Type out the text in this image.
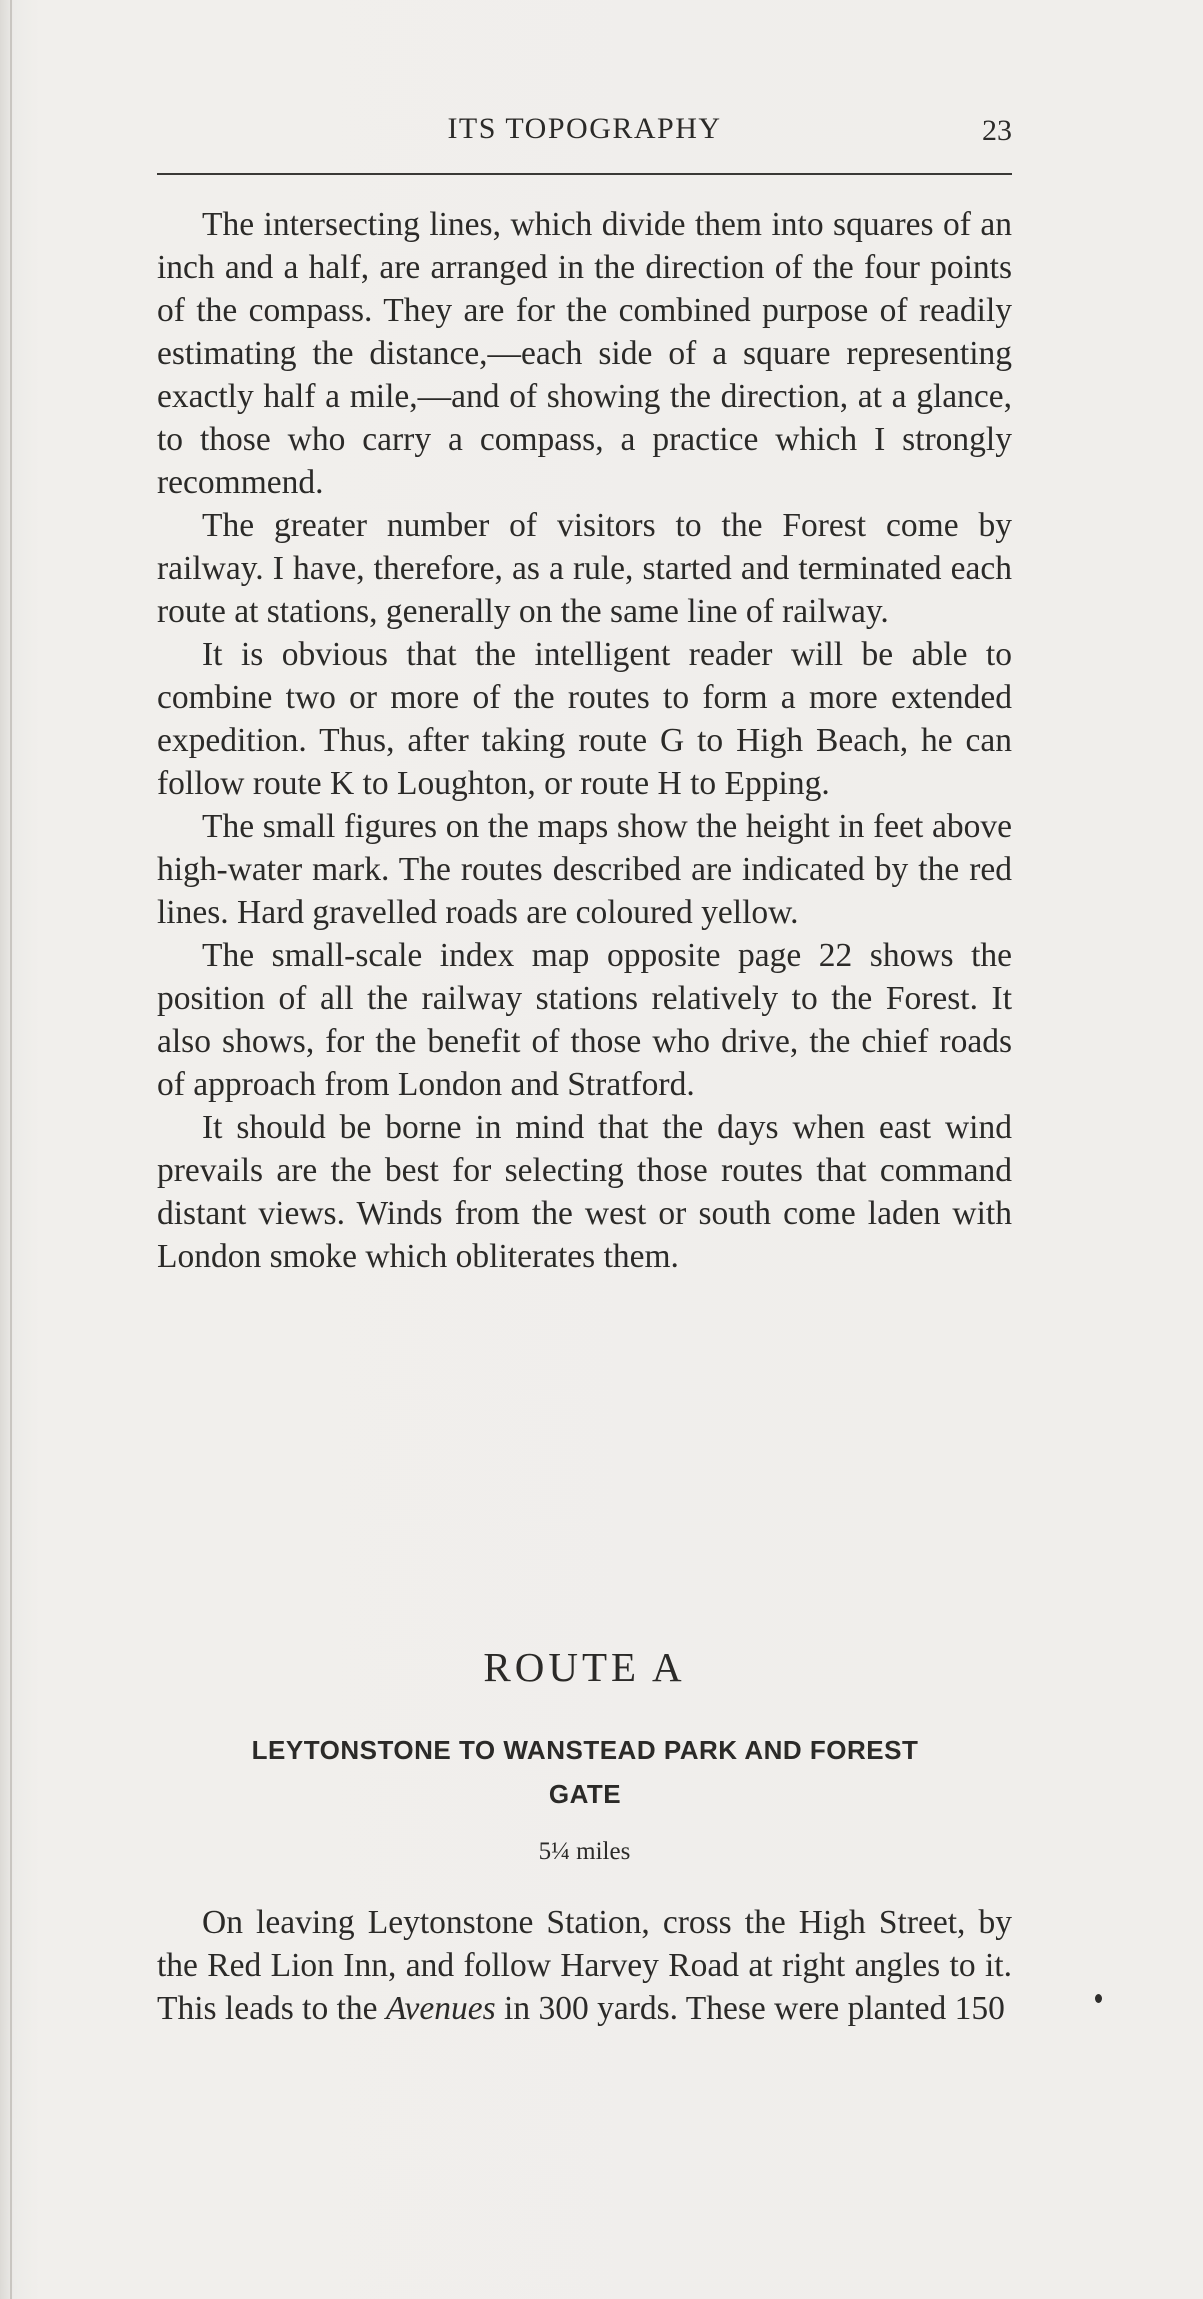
ITS TOPOGRAPHY	23

The intersecting lines, which divide them into squares of an inch and a half, are arranged in the direction of the four points of the compass. They are for the combined purpose of readily estimating the distance,—each side of a square representing exactly half a mile,—and of showing the direction, at a glance, to those who carry a compass, a practice which I strongly recommend.

The greater number of visitors to the Forest come by railway. I have, therefore, as a rule, started and terminated each route at stations, generally on the same line of railway.

It is obvious that the intelligent reader will be able to combine two or more of the routes to form a more extended expedition. Thus, after taking route G to High Beach, he can follow route K to Loughton, or route H to Epping.

The small figures on the maps show the height in feet above high-water mark. The routes described are indicated by the red lines. Hard gravelled roads are coloured yellow.

The small-scale index map opposite page 22 shows the position of all the railway stations relatively to the Forest. It also shows, for the benefit of those who drive, the chief roads of approach from London and Stratford.

It should be borne in mind that the days when east wind prevails are the best for selecting those routes that command distant views. Winds from the west or south come laden with London smoke which obliterates them.

ROUTE A
LEYTONSTONE TO WANSTEAD PARK AND FOREST GATE
5¼ miles

On leaving Leytonstone Station, cross the High Street, by the Red Lion Inn, and follow Harvey Road at right angles to it. This leads to the Avenues in 300 yards. These were planted 150
